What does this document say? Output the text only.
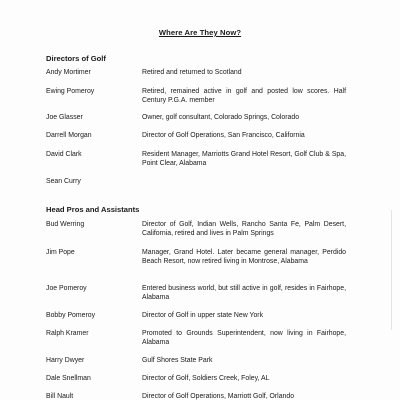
Where Are They Now?
Directors of Golf
Andy Mortimer	Retired and returned to Scotland
Ewing Pomeroy	Retired, remained active in golf and posted low scores. Half Century P.G.A. member
Joe Glasser	Owner, golf consultant, Colorado Springs, Colorado
Darrell Morgan	Director of Golf Operations, San Francisco, California
David Clark	Resident Manager, Marriotts Grand Hotel Resort, Golf Club & Spa, Point Clear, Alabama
Sean Curry
Head Pros and Assistants
Bud Werring	Director of Golf, Indian Wells, Rancho Santa Fe, Palm Desert, California, retired and lives in Palm Springs
Jim Pope	Manager, Grand Hotel. Later became general manager, Perdido Beach Resort, now retired living in Montrose, Alabama
Joe Pomeroy	Entered business world, but still active in golf, resides in Fairhope, Alabama
Bobby Pomeroy	Director of Golf in upper state New York
Ralph Kramer	Promoted to Grounds Superintendent, now living in Fairhope, Alabama
Harry Dwyer	Gulf Shores State Park
Dale Snellman	Director of Golf, Soldiers Creek, Foley, AL
Bill Nault	Director of Golf Operations, Marriott Golf, Orlando
